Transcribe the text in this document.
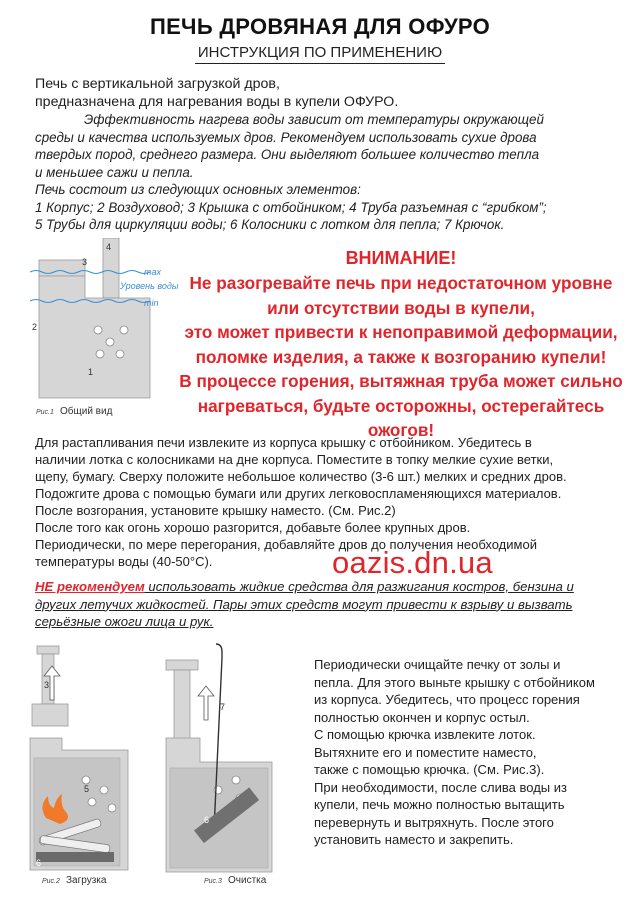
ПЕЧЬ ДРОВЯНАЯ ДЛЯ ОФУРО
ИНСТРУКЦИЯ ПО ПРИМЕНЕНИЮ
Печь с вертикальной загрузкой дров,
предназначена для нагревания воды в купели ОФУРО.
Эффективность нагрева воды зависит от температуры окружающей
среды и качества используемых дров. Рекомендуем использовать сухие дрова
твердых пород, среднего размера. Они выделяют большее количество тепла
и меньшее сажи и пепла.
Печь состоит из следующих основных элементов:
1 Корпус; 2 Воздуховод; 3 Крышка с отбойником; 4 Труба разъемная с “грибком”;
5 Трубы для циркуляции воды; 6 Колосники с лотком для пепла; 7 Крючок.
max
Уровень воды
min
1
2
3
4
Рис.1 Общий вид
ВНИМАНИЕ!
Не разогревайте печь при недостаточном уровне
или отсутствии воды в купели,
это может привести к непоправимой деформации,
поломке изделия, а также к возгоранию купели!
В процессе горения, вытяжная труба может сильно
нагреваться, будьте осторожны, остерегайтесь ожогов!
Для растапливания печи извлеките из корпуса крышку с отбойником. Убедитесь в
наличии лотка с колосниками на дне корпуса. Поместите в топку мелкие сухие ветки,
щепу, бумагу. Сверху положите небольшое количество (3-6 шт.) мелких и средних дров.
Подожгите дрова с помощью бумаги или других легковоспламеняющихся материалов.
После возгорания, установите крышку наместо. (См. Рис.2)
После того как огонь хорошо разгорится, добавьте более крупных дров.
Периодически, по мере перегорания, добавляйте дров до получения необходимой
температуры воды (40-50°С).	oazis.dn.ua
НЕ рекомендуем использовать жидкие средства для разжигания костров, бензина и
других летучих жидкостей. Пары этих средств могут привести к взрыву и вызвать
серьёзные ожоги лица и рук.
3
5
6
Рис.2 Загрузка
7
6
Рис.3 Очистка
Периодически очищайте печку от золы и
пепла. Для этого выньте крышку с отбойником
из корпуса. Убедитесь, что процесс горения
полностью окончен и корпус остыл.
С помощью крючка извлеките лоток.
Вытяхните его и поместите наместо,
также с помощью крючка. (См. Рис.3).
При необходимости, после слива воды из
купели, печь можно полностью вытащить
перевернуть и вытряхнуть. После этого
установить наместо и закрепить.
